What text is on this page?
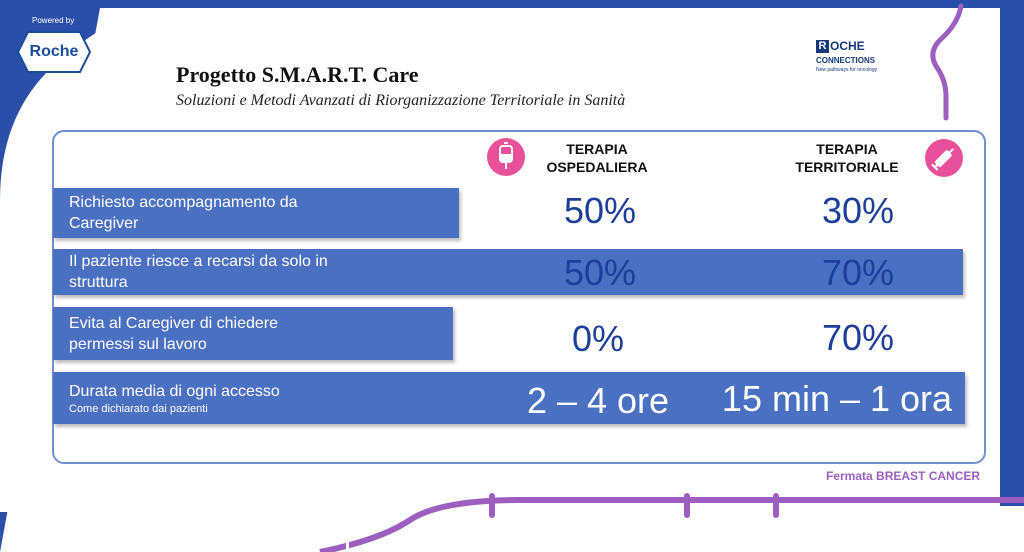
Powered by
Roche
Progetto S.M.A.R.T. Care
Soluzioni e Metodi Avanzati di Riorganizzazione Territoriale in Sanità
R OCHE
CONNECTIONS
New pathways for oncology
TERAPIA
OSPEDALIERA
TERAPIA
TERRITORIALE
Richiesto accompagnamento da
Caregiver	50%	30%
Il paziente riesce a recarsi da solo in
struttura	50%	70%
Evita al Caregiver di chiedere
permessi sul lavoro	0%	70%
Durata media di ogni accesso
Come dichiarato dai pazienti	2 – 4 ore	15 min – 1 ora
Fermata BREAST CANCER
